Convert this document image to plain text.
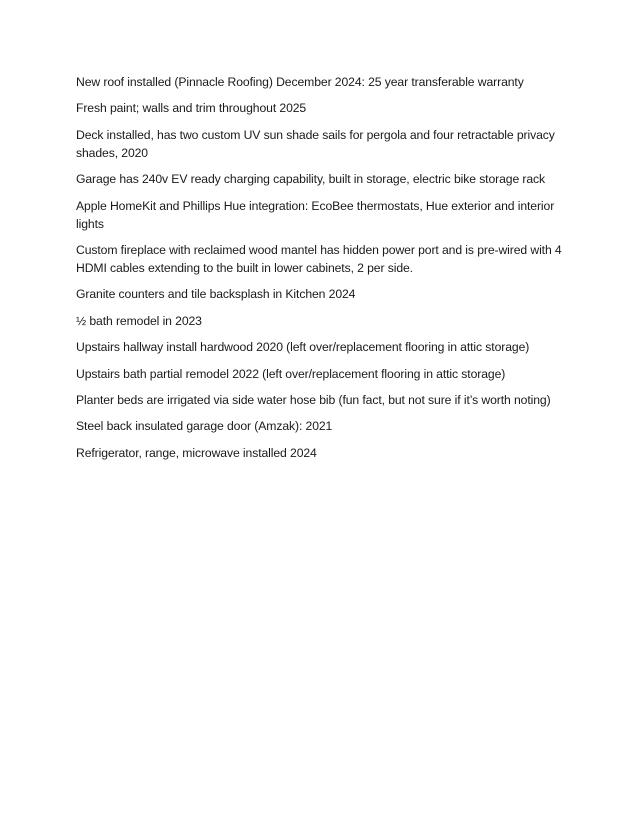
New roof installed (Pinnacle Roofing) December 2024: 25 year transferable warranty

Fresh paint; walls and trim throughout 2025

Deck installed, has two custom UV sun shade sails for pergola and four retractable privacy shades, 2020

Garage has 240v EV ready charging capability, built in storage, electric bike storage rack

Apple HomeKit and Phillips Hue integration: EcoBee thermostats, Hue exterior and interior lights

Custom fireplace with reclaimed wood mantel has hidden power port and is pre-wired with 4 HDMI cables extending to the built in lower cabinets, 2 per side.

Granite counters and tile backsplash in Kitchen 2024

½ bath remodel in 2023

Upstairs hallway install hardwood 2020 (left over/replacement flooring in attic storage)

Upstairs bath partial remodel 2022 (left over/replacement flooring in attic storage)

Planter beds are irrigated via side water hose bib (fun fact, but not sure if it’s worth noting)

Steel back insulated garage door (Amzak): 2021

Refrigerator, range, microwave installed 2024
